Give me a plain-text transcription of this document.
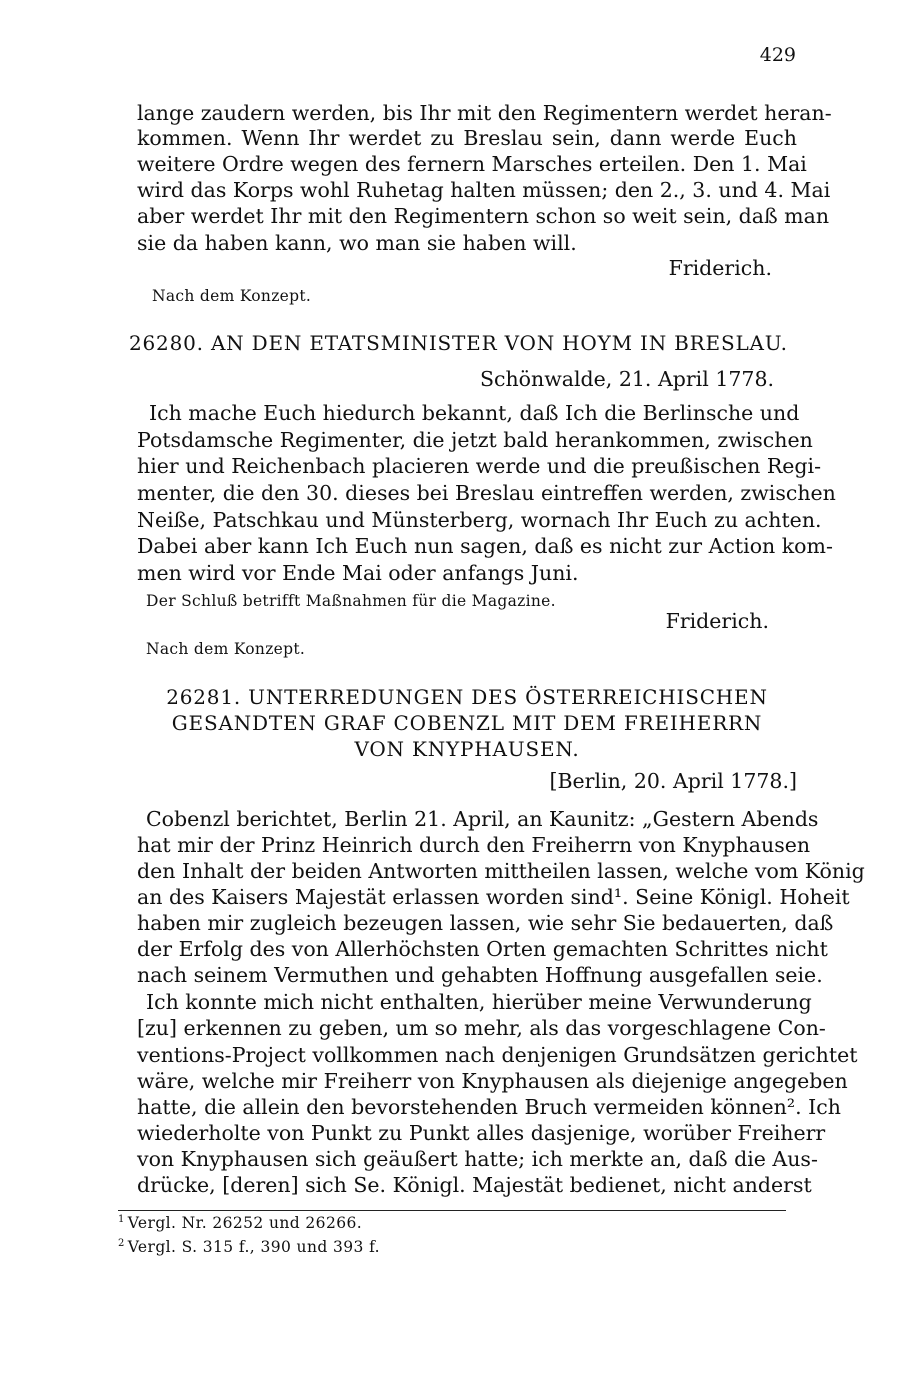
429
lange zaudern werden, bis Ihr mit den Regimentern werdet heran-
kommen. Wenn Ihr werdet zu Breslau sein, dann werde Euch
weitere Ordre wegen des fernern Marsches erteilen. Den 1. Mai
wird das Korps wohl Ruhetag halten müssen; den 2., 3. und 4. Mai
aber werdet Ihr mit den Regimentern schon so weit sein, daß man
sie da haben kann, wo man sie haben will.
Friderich.
Nach dem Konzept.
26280. AN DEN ETATSMINISTER VON HOYM IN BRESLAU.
Schönwalde, 21. April 1778.
Ich mache Euch hiedurch bekannt, daß Ich die Berlinsche und
Potsdamsche Regimenter, die jetzt bald herankommen, zwischen
hier und Reichenbach placieren werde und die preußischen Regi-
menter, die den 30. dieses bei Breslau eintreffen werden, zwischen
Neiße, Patschkau und Münsterberg, wornach Ihr Euch zu achten.
Dabei aber kann Ich Euch nun sagen, daß es nicht zur Action kom-
men wird vor Ende Mai oder anfangs Juni.
Der Schluß betrifft Maßnahmen für die Magazine.
Friderich.
Nach dem Konzept.
26281. UNTERREDUNGEN DES ÖSTERREICHISCHEN
GESANDTEN GRAF COBENZL MIT DEM FREIHERRN
VON KNYPHAUSEN.
[Berlin, 20. April 1778.]
Cobenzl berichtet, Berlin 21. April, an Kaunitz: „Gestern Abends
hat mir der Prinz Heinrich durch den Freiherrn von Knyphausen
den Inhalt der beiden Antworten mittheilen lassen, welche vom König
an des Kaisers Majestät erlassen worden sind¹. Seine Königl. Hoheit
haben mir zugleich bezeugen lassen, wie sehr Sie bedauerten, daß
der Erfolg des von Allerhöchsten Orten gemachten Schrittes nicht
nach seinem Vermuthen und gehabten Hoffnung ausgefallen seie.
Ich konnte mich nicht enthalten, hierüber meine Verwunderung
[zu] erkennen zu geben, um so mehr, als das vorgeschlagene Con-
ventions-Project vollkommen nach denjenigen Grundsätzen gerichtet
wäre, welche mir Freiherr von Knyphausen als diejenige angegeben
hatte, die allein den bevorstehenden Bruch vermeiden können². Ich
wiederholte von Punkt zu Punkt alles dasjenige, worüber Freiherr
von Knyphausen sich geäußert hatte; ich merkte an, daß die Aus-
drücke, [deren] sich Se. Königl. Majestät bedienet, nicht anderst
$^1$ Vergl. Nr. 26252 und 26266.
$^2$ Vergl. S. 315 f., 390 und 393 f.
